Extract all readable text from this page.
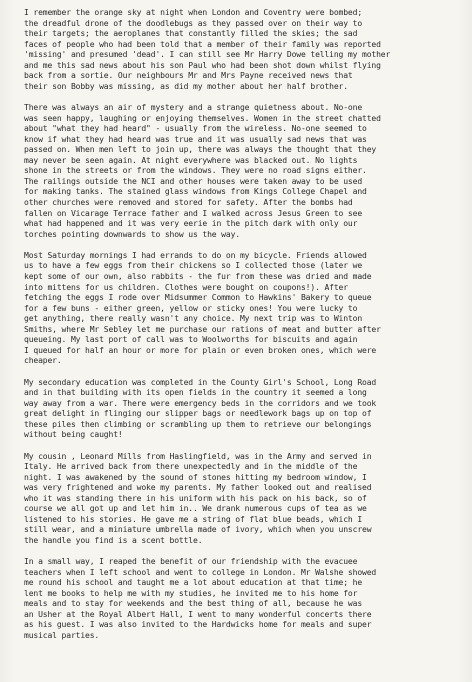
I remember the orange sky at night when London and Coventry were bombed;
the dreadful drone of the doodlebugs as they passed over on their way to
their targets; the aeroplanes that constantly filled the skies; the sad
faces of people who had been told that a member of their family was reported
'missing' and presumed 'dead'. I can still see Mr Harry Dowe telling my mother
and me this sad news about his son Paul who had been shot down whilst flying
back from a sortie. Our neighbours Mr and Mrs Payne received news that
their son Bobby was missing, as did my mother about her half brother.
There was always an air of mystery and a strange quietness about. No-one
was seen happy, laughing or enjoying themselves. Women in the street chatted
about "what they had heard" - usually from the wireless. No-one seemed to
know if what they had heard was true and it was usually sad news that was
passed on. When men left to join up, there was always the thought that they
may never be seen again. At night everywhere was blacked out. No lights
shone in the streets or from the windows. They were no road signs either.
The railings outside the NCI and other houses were taken away to be used
for making tanks. The stained glass windows from Kings College Chapel and
other churches were removed and stored for safety. After the bombs had
fallen on Vicarage Terrace father and I walked across Jesus Green to see
what had happened and it was very eerie in the pitch dark with only our
torches pointing downwards to show us the way.
Most Saturday mornings I had errands to do on my bicycle. Friends allowed
us to have a few eggs from their chickens so I collected those (later we
kept some of our own, also rabbits - the fur from these was dried and made
into mittens for us children. Clothes were bought on coupons!). After
fetching the eggs I rode over Midsummer Common to Hawkins' Bakery to queue
for a few buns - either green, yellow or sticky ones! You were lucky to
get anything, there really wasn't any choice. My next trip was to Winton
Smiths, where Mr Sebley let me purchase our rations of meat and butter after
queueing. My last port of call was to Woolworths for biscuits and again
I queued for half an hour or more for plain or even broken ones, which were
cheaper.
My secondary education was completed in the County Girl's School, Long Road
and in that building with its open fields in the country it seemed a long
way away from a war. There were emergency beds in the corridors and we took
great delight in flinging our slipper bags or needlework bags up on top of
these piles then climbing or scrambling up them to retrieve our belongings
without being caught!
My cousin , Leonard Mills from Haslingfield, was in the Army and served in
Italy. He arrived back from there unexpectedly and in the middle of the
night. I was awakened by the sound of stones hitting my bedroom window, I
was very frightened and woke my parents. My father looked out and realised
who it was standing there in his uniform with his pack on his back, so of
course we all got up and let him in.. We drank numerous cups of tea as we
listened to his stories. He gave me a string of flat blue beads, which I
still wear, and a miniature umbrella made of ivory, which when you unscrew
the handle you find is a scent bottle.
In a small way, I reaped the benefit of our friendship with the evacuee
teachers when I left school and went to college in London. Mr Walshe showed
me round his school and taught me a lot about education at that time; he
lent me books to help me with my studies, he invited me to his home for
meals and to stay for weekends and the best thing of all, because he was
an Usher at the Royal Albert Hall, I went to many wonderful concerts there
as his guest. I was also invited to the Hardwicks home for meals and super
musical parties.
